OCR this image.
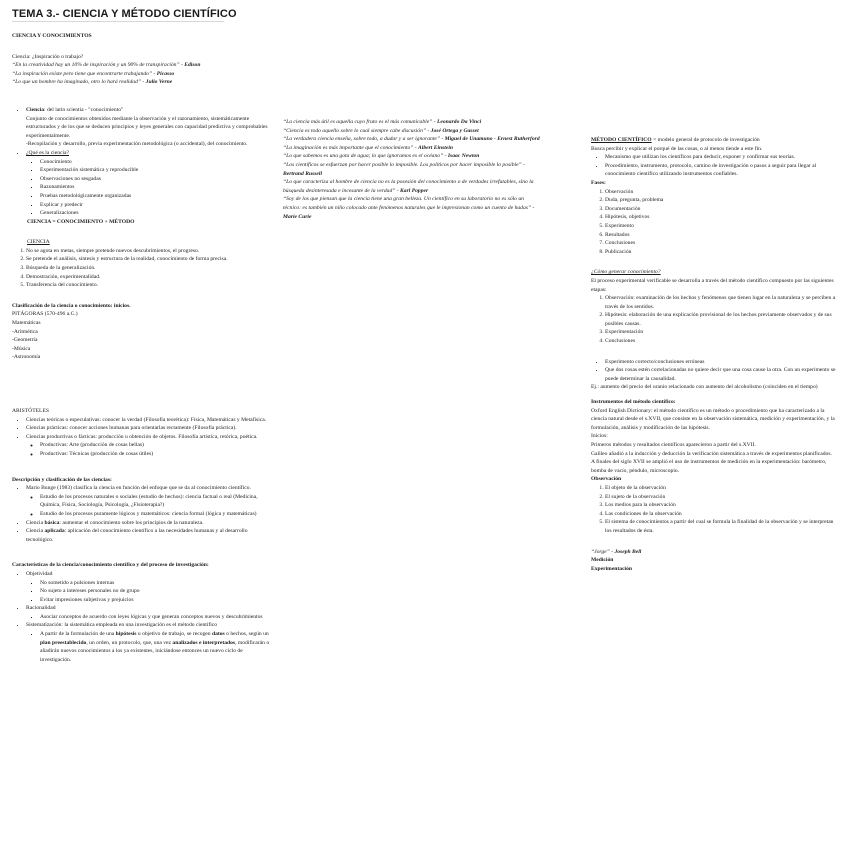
TEMA 3.- CIENCIA Y MÉTODO CIENTÍFICO

CIENCIA Y CONOCIMIENTOS

Ciencia: ¿Inspiración o trabajo?

“En la creatividad hay un 10% de inspiración y un 90% de transpiración” - Edison

“La inspiración existe pero tiene que encontrarte trabajando” - Picasso

“Lo que un hombre ha imaginado, otro lo hará realidad” - Julio Verne

• Ciencia: del latín scientia - "conocimiento"

Conjunto de conocimientos obtenidos mediante la observación y el razonamiento, sistemáticamente estructurados y de los que se deducen principios y leyes generales con capacidad predictiva y comprobables experimentalmente.

-Recopilación y desarrollo, previa experimentación metodológica (o accidental), del conocimiento.

• ¿Qué es la ciencia?
▪ Conocimiento
▪ Experimentación sistemática y reproducible
▪ Observaciones no sesgadas
▪ Razonamientos
▪ Pruebas metodológicamente organizadas
▪ Explicar y predecir
▪ Generalizaciones

CIENCIA = CONOCIMIENTO + MÉTODO

CIENCIA

1. No se agota en metas, siempre pretende nuevos descubrimientos, el progreso.
2. Se pretende el análisis, síntesis y estructura de la realidad, conocimiento de forma precisa.
3. Búsqueda de la generalización.
4. Demostración, experimentalidad.
5. Transferencia del conocimiento.

Clasificación de la ciencia o conocimiento: inicios.

PITÁGORAS (570-496 a.C.)

Matemáticas

-Aritmética

-Geometría

-Música

-Astronomía

ARISTÓTELES

• Ciencias teóricas o especulativas: conocer la verdad (Filosofía teorética): Física, Matemáticas y Metafísica.
• Ciencias prácticas: conocer acciones humanas para orientarlas rectamente (Filosofía práctica).
• Ciencias productivas o fácticas: producción u obtención de objetos. Filosofía artística, retórica, poética.
◦ Productivas: Arte (producción de cosas bellas)
◦ Productivas: Técnicas (producción de cosas útiles)

Descripción y clasificación de las ciencias:

• Mario Bunge (1983) clasifica la ciencia en función del enfoque que se da al conocimiento científico.
◦ Estudio de los procesos naturales o sociales (estudio de hechos): ciencia factual o real (Medicina, Química, Física, Sociología, Psicología, ¿Fisioterapia?)
◦ Estudio de los procesos puramente lógicos y matemáticos: ciencia formal (lógica y matemáticas)
• Ciencia básica: aumentar el conocimiento sobre los principios de la naturaleza.
• Ciencia aplicada: aplicación del conocimiento científico a las necesidades humanas y al desarrollo tecnológico.

Características de la ciencia/conocimiento científico y del proceso de investigación:

• Objetividad
▪ No sometido a pulsiones internas
▪ No sujeto a intereses personales no de grupo
▪ Evitar impresiones subjetivas y prejuicios
• Racionalidad
▪ Asociar conceptos de acuerdo con leyes lógicas y que generan conceptos nuevos y descubrimientos
• Sistematización: la sistemática empleada en una investigación es el método científico
▪ A partir de la formulación de una hipótesis u objetivo de trabajo, se recogen datos o hechos, según un plan preestablecido, un orden, un protocolo, que, una vez analizados e interpretados, modificarán o añadirán nuevos conocimientos a los ya existentes, iniciándose entonces un nuevo ciclo de investigación.

“La ciencia más útil es aquella cuyo fruto es el más comunicable” - Leonardo Da Vinci

“Ciencia es todo aquello sobre lo cual siempre cabe discusión” - José Ortega y Gasset

“La verdadera ciencia enseña, sobre todo, a dudar y a ser ignorante” - Miguel de Unamuno - Ernest Rutherford

“La imaginación es más importante que el conocimiento” - Albert Einstein

“Lo que sabemos es una gota de agua; lo que ignoramos es el océano” - Isaac Newton

“Los científicos se esfuerzan por hacer posible lo imposible. Los políticos por hacer imposible lo posible” - Bertrand Russell

“Lo que caracteriza al hombre de ciencia no es la posesión del conocimiento o de verdades irrefutables, sino la búsqueda desinteresada e incesante de la verdad” - Karl Popper

“Soy de los que piensan que la ciencia tiene una gran belleza. Un científico en su laboratorio no es sólo un técnico: es también un niño colocado ante fenómenos naturales que le impresionan como un cuento de hadas” - Marie Curie

MÉTODO CIENTÍFICO = modelo general de protocolo de investigación

Busca percibir y explicar el porqué de las cosas, o al menos tiende a este fin.

• Mecanismo que utilizan los científicos para deducir, exponer y confirmar sus teorías.
• Procedimiento, instrumento, protocolo, camino de investigación o pasos a seguir para llegar al conocimiento científico utilizando instrumentos confiables.

Fases:

1. Observación
2. Duda, pregunta, problema
3. Documentación
4. Hipótesis, objetivos
5. Experimento
6. Resultados
7. Conclusiones
8. Publicación

¿Cómo generar conocimiento?

El proceso experimental verificable se desarrolla a través del método científico compuesto por las siguientes etapas:

1. Observación: examinación de los hechos y fenómenos que tienen lugar en la naturaleza y se perciben a través de los sentidos.
2. Hipótesis: elaboración de una explicación provisional de los hechos previamente observados y de sus posibles causas.
3. Experimentación
4. Conclusiones
• Experimento correcto/conclusiones erróneas
• Que dos cosas estén correlacionadas no quiere decir que una cosa cause la otra. Con un experimento se puede determinar la causalidad.

Ej.: aumento del precio del uranio relacionado con aumento del alcoholismo (coinciden en el tiempo)

Instrumentos del método científico:

Oxford English Dictionary: el método científico es un método o procedimiento que ha caracterizado a la ciencia natural desde el s.XVII, que consiste en la observación sistemática, medición y experimentación, y la formulación, análisis y modificación de las hipótesis.

Inicios:

Primeros métodos y resultados científicos aparecieron a partir del s.XVII.

Galileo añadió a la inducción y deducción la verificación sistemática a través de experimentos planificados.

A finales del siglo XVII se amplió el uso de instrumentos de medición en la experimentación: barómetro, bomba de vacío, péndulo, microscopio.

Observación

1. El objeto de la observación
2. El sujeto de la observación
3. Los medios para la observación
4. Las condiciones de la observación
5. El sistema de conocimientos a partir del cual se formula la finalidad de la observación y se interpretan los resultados de ésta.

“Jorge” - Joseph Bell

Medición

Experimentación
